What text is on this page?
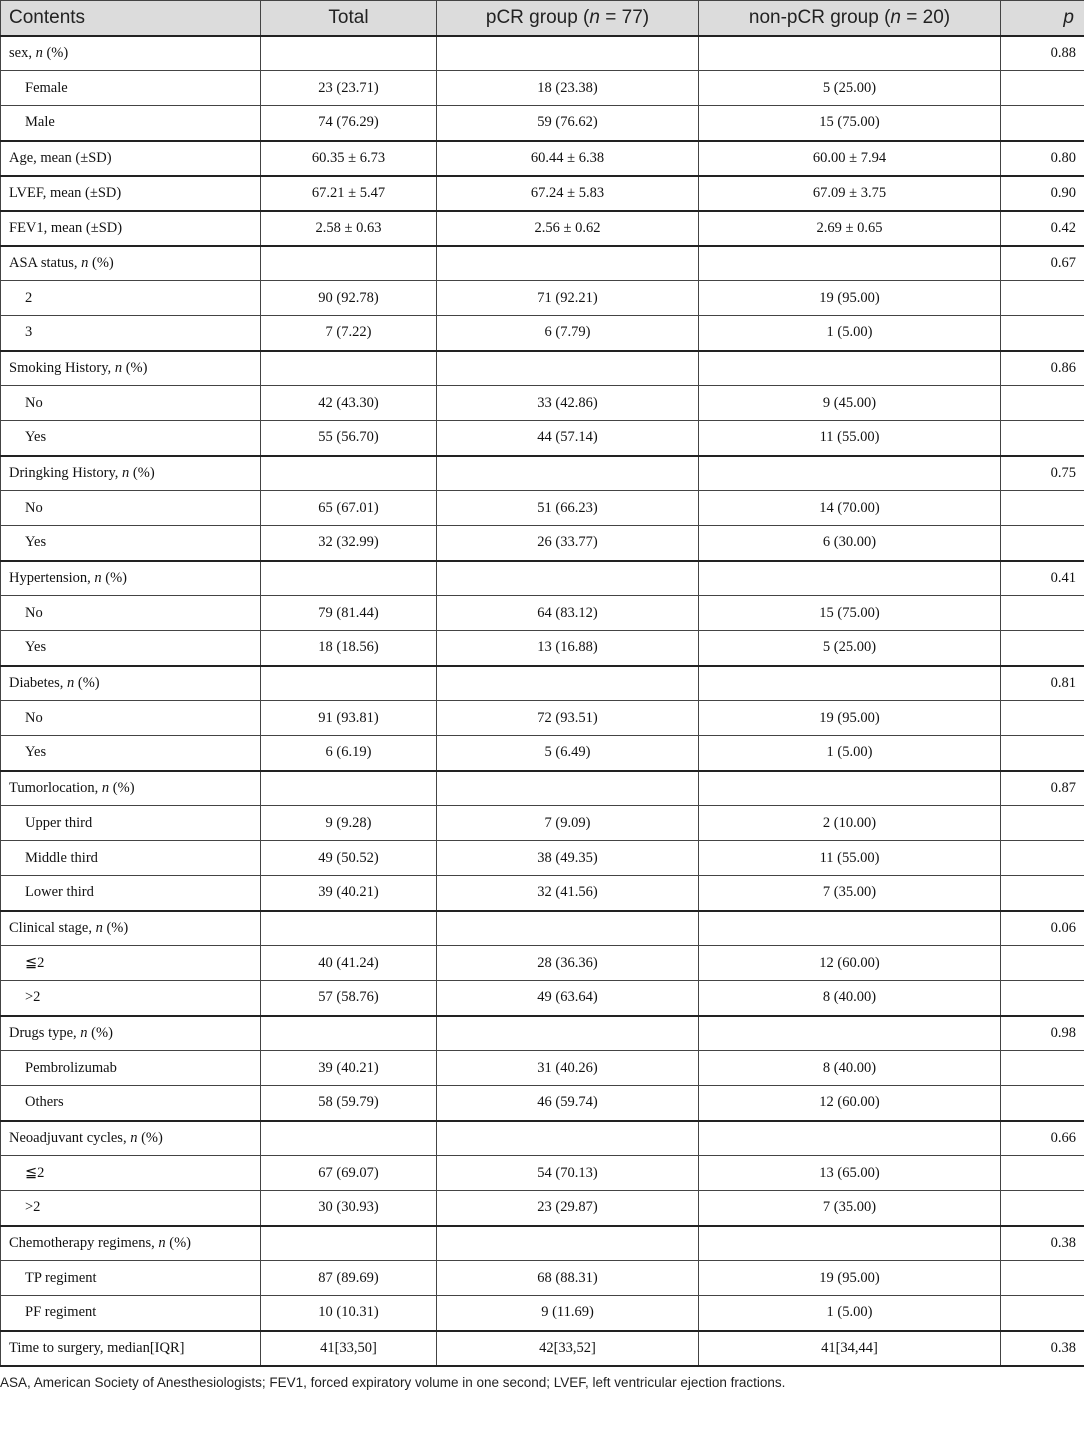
Contents	Total	pCR group (n = 77)	non-pCR group (n = 20)	p
sex, n (%)				0.88
Female	23 (23.71)	18 (23.38)	5 (25.00)	
Male	74 (76.29)	59 (76.62)	15 (75.00)	
Age, mean (±SD)	60.35 ± 6.73	60.44 ± 6.38	60.00 ± 7.94	0.80
LVEF, mean (±SD)	67.21 ± 5.47	67.24 ± 5.83	67.09 ± 3.75	0.90
FEV1, mean (±SD)	2.58 ± 0.63	2.56 ± 0.62	2.69 ± 0.65	0.42
ASA status, n (%)				0.67
2	90 (92.78)	71 (92.21)	19 (95.00)	
3	7 (7.22)	6 (7.79)	1 (5.00)	
Smoking History, n (%)				0.86
No	42 (43.30)	33 (42.86)	9 (45.00)	
Yes	55 (56.70)	44 (57.14)	11 (55.00)	
Dringking History, n (%)				0.75
No	65 (67.01)	51 (66.23)	14 (70.00)	
Yes	32 (32.99)	26 (33.77)	6 (30.00)	
Hypertension, n (%)				0.41
No	79 (81.44)	64 (83.12)	15 (75.00)	
Yes	18 (18.56)	13 (16.88)	5 (25.00)	
Diabetes, n (%)				0.81
No	91 (93.81)	72 (93.51)	19 (95.00)	
Yes	6 (6.19)	5 (6.49)	1 (5.00)	
Tumorlocation, n (%)				0.87
Upper third	9 (9.28)	7 (9.09)	2 (10.00)	
Middle third	49 (50.52)	38 (49.35)	11 (55.00)	
Lower third	39 (40.21)	32 (41.56)	7 (35.00)	
Clinical stage, n (%)				0.06
≦2	40 (41.24)	28 (36.36)	12 (60.00)	
>2	57 (58.76)	49 (63.64)	8 (40.00)	
Drugs type, n (%)				0.98
Pembrolizumab	39 (40.21)	31 (40.26)	8 (40.00)	
Others	58 (59.79)	46 (59.74)	12 (60.00)	
Neoadjuvant cycles, n (%)				0.66
≦2	67 (69.07)	54 (70.13)	13 (65.00)	
>2	30 (30.93)	23 (29.87)	7 (35.00)	
Chemotherapy regimens, n (%)				0.38
TP regiment	87 (89.69)	68 (88.31)	19 (95.00)	
PF regiment	10 (10.31)	9 (11.69)	1 (5.00)	
Time to surgery, median[IQR]	41[33,50]	42[33,52]	41[34,44]	0.38
ASA, American Society of Anesthesiologists; FEV1, forced expiratory volume in one second; LVEF, left ventricular ejection fractions.
